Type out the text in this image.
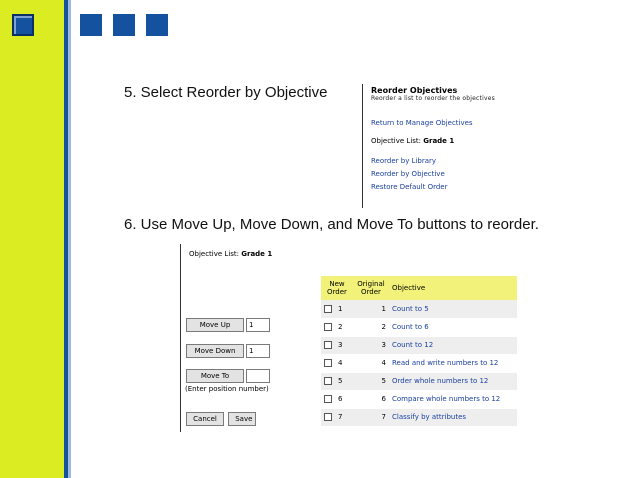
5. Select Reorder by Objective
6. Use Move Up, Move Down, and Move To buttons to reorder.
Reorder Objectives
Reorder a list to reorder the objectives
Return to Manage Objectives
Objective List: Grade 1
Reorder by Library
Reorder by Objective
Restore Default Order
Objective List: Grade 1
Move Up	1
Move Down 1
Move To
(Enter position number)
Cancel	Save
New Order	Original Order	Objective
1	1	Count to 5
2	2	Count to 6
3	3	Count to 12
4	4	Read and write numbers to 12
5	5	Order whole numbers to 12
6	6	Compare whole numbers to 12
7	7	Classify by attributes
